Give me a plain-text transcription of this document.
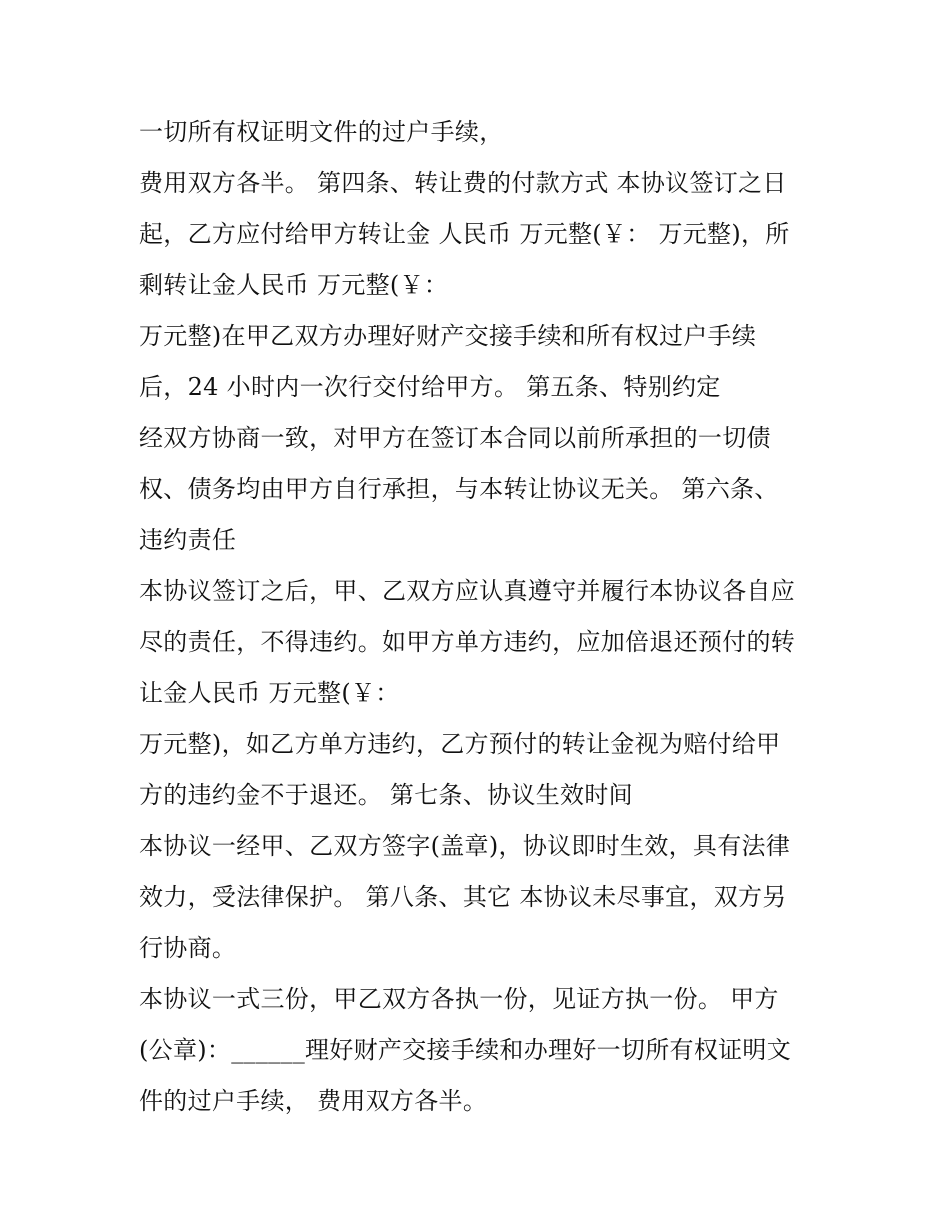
一切所有权证明文件的过户手续，
费用双方各半。 第四条、转让费的付款方式 本协议签订之日
起，乙方应付给甲方转让金 人民币 万元整(￥： 万元整)，所
剩转让金人民币 万元整(￥：
万元整)在甲乙双方办理好财产交接手续和所有权过户手续
后，24 小时内一次行交付给甲方。 第五条、特别约定
经双方协商一致，对甲方在签订本合同以前所承担的一切债
权、债务均由甲方自行承担，与本转让协议无关。 第六条、
违约责任
本协议签订之后，甲、乙双方应认真遵守并履行本协议各自应
尽的责任，不得违约。如甲方单方违约，应加倍退还预付的转
让金人民币 万元整(￥：
万元整)，如乙方单方违约，乙方预付的转让金视为赔付给甲
方的违约金不于退还。 第七条、协议生效时间
本协议一经甲、乙双方签字(盖章)，协议即时生效，具有法律
效力，受法律保护。 第八条、其它 本协议未尽事宜，双方另
行协商。
本协议一式三份，甲乙双方各执一份，见证方执一份。 甲方
(公章)：______理好财产交接手续和办理好一切所有权证明文
件的过户手续， 费用双方各半。
